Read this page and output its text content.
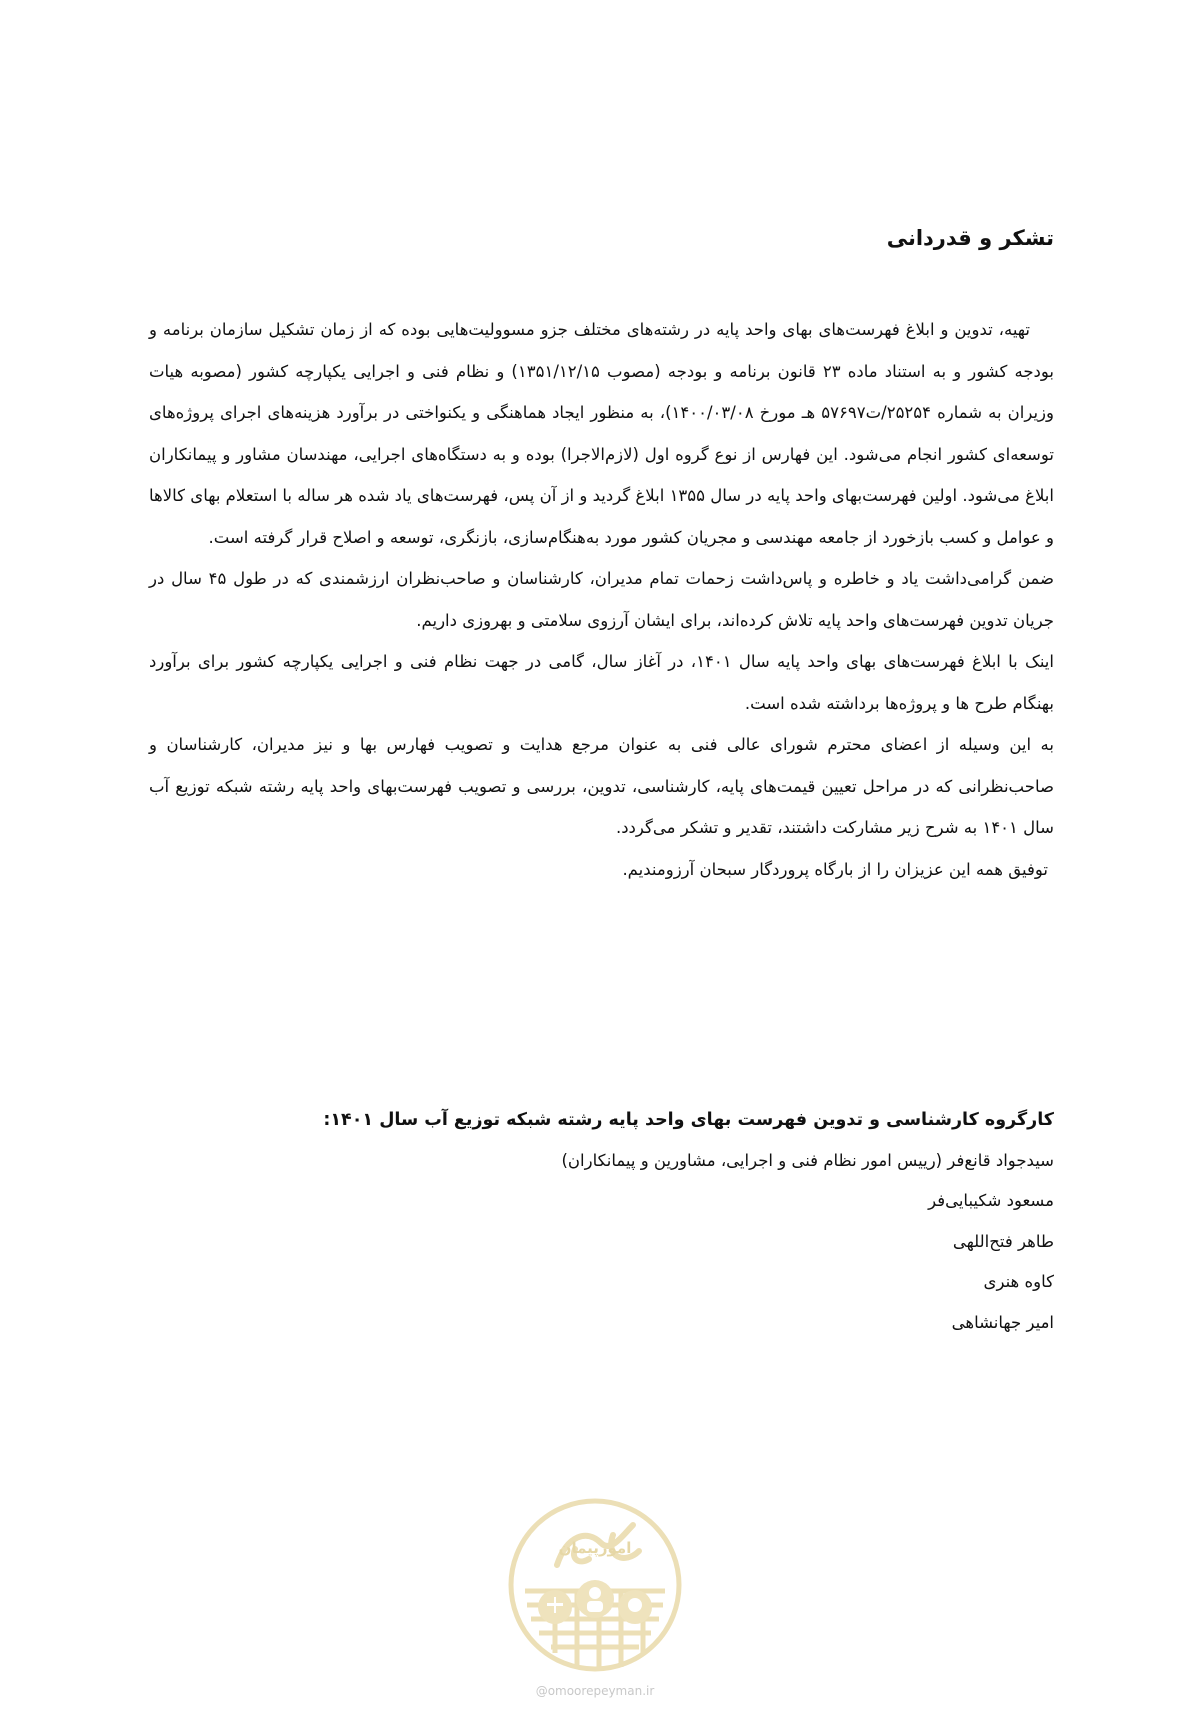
تشکر و قدردانی

تهیه، تدوین و ابلاغ فهرست‌های بهای واحد پایه در رشته‌های مختلف جزو مسوولیت‌هایی بوده که از زمان تشکیل سازمان برنامه و بودجه کشور و به استناد ماده ۲۳ قانون برنامه و بودجه (مصوب ۱۳۵۱/۱۲/۱۵) و نظام فنی و اجرایی یکپارچه کشور (مصوبه هیات وزیران به شماره ۲۵۲۵۴/ت۵۷۶۹۷ هـ مورخ ۱۴۰۰/۰۳/۰۸)، به منظور ایجاد هماهنگی و یکنواختی در برآورد هزینه‌های اجرای پروژه‌های توسعه‌ای کشور انجام می‌شود. این فهارس از نوع گروه اول (لازم‌الاجرا) بوده و به دستگاه‌های اجرایی، مهندسان مشاور و پیمانکاران ابلاغ می‌شود. اولین فهرست‌بهای واحد پایه در سال ۱۳۵۵ ابلاغ گردید و از آن پس، فهرست‌های یاد شده هر ساله با استعلام بهای کالاها و عوامل و کسب بازخورد از جامعه مهندسی و مجریان کشور مورد به‌هنگام‌سازی، بازنگری، توسعه و اصلاح قرار گرفته است.

ضمن گرامی‌داشت یاد و خاطره و پاس‌داشت زحمات تمام مدیران، کارشناسان و صاحب‌نظران ارزشمندی که در طول ۴۵ سال در جریان تدوین فهرست‌های واحد پایه تلاش کرده‌اند، برای ایشان آرزوی سلامتی و بهروزی داریم.

اینک با ابلاغ فهرست‌های بهای واحد پایه سال ۱۴۰۱، در آغاز سال، گامی در جهت نظام فنی و اجرایی یکپارچه کشور برای برآورد بهنگام طرح ها و پروژه‌ها برداشته شده است.

به این وسیله از اعضای محترم شورای عالی فنی به عنوان مرجع هدایت و تصویب فهارس بها و نیز مدیران، کارشناسان و صاحب‌نظرانی که در مراحل تعیین قیمت‌های پایه، کارشناسی، تدوین، بررسی و تصویب فهرست‌بهای واحد پایه رشته شبکه توزیع آب سال ۱۴۰۱ به شرح زیر مشارکت داشتند، تقدیر و تشکر می‌گردد.

توفیق همه این عزیزان را از بارگاه پروردگار سبحان آرزومندیم.

کارگروه کارشناسی و تدوین فهرست بهای واحد پایه رشته شبکه توزیع آب سال ۱۴۰۱:

سیدجواد قانع‌فر (رییس امور نظام فنی و اجرایی، مشاورین و پیمانکاران)
مسعود شکیبایی‌فر
طاهر فتح‌اللهی
کاوه هنری
امیر جهانشاهی
امورپیمان
@omoorepeyman.ir
